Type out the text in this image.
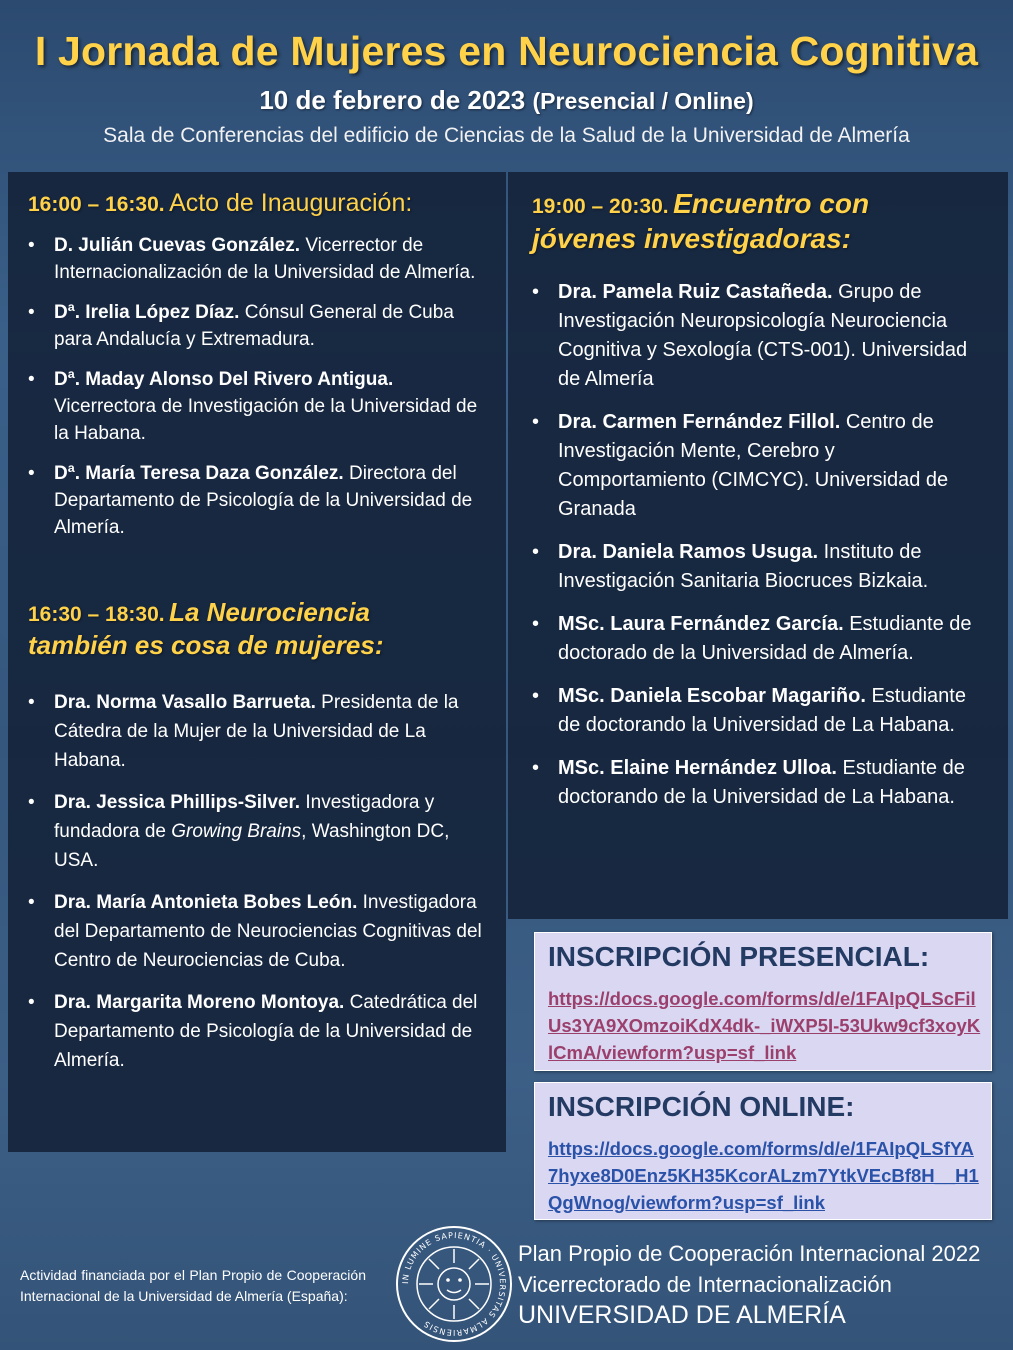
I Jornada de Mujeres en Neurociencia Cognitiva
10 de febrero de 2023 (Presencial / Online)
Sala de Conferencias del edificio de Ciencias de la Salud de la Universidad de Almería
16:00 – 16:30. Acto de Inauguración:
• D. Julián Cuevas González. Vicerrector de Internacionalización de la Universidad de Almería.
• Dª. Irelia López Díaz. Cónsul General de Cuba para Andalucía y Extremadura.
• Dª. Maday Alonso Del Rivero Antigua. Vicerrectora de Investigación de la Universidad de la Habana.
• Dª. María Teresa Daza González. Directora del Departamento de Psicología de la Universidad de Almería.
16:30 – 18:30. La Neurociencia
también es cosa de mujeres:
• Dra. Norma Vasallo Barrueta. Presidenta de la Cátedra de la Mujer de la Universidad de La Habana.
• Dra. Jessica Phillips-Silver. Investigadora y fundadora de Growing Brains, Washington DC, USA.
• Dra. María Antonieta Bobes León. Investigadora del Departamento de Neurociencias Cognitivas del Centro de Neurociencias de Cuba.
• Dra. Margarita Moreno Montoya. Catedrática del Departamento de Psicología de la Universidad de Almería.
19:00 – 20:30. Encuentro con
jóvenes investigadoras:
• Dra. Pamela Ruiz Castañeda. Grupo de Investigación Neuropsicología Neurociencia Cognitiva y Sexología (CTS-001). Universidad de Almería
• Dra. Carmen Fernández Fillol. Centro de Investigación Mente, Cerebro y Comportamiento (CIMCYC). Universidad de Granada
• Dra. Daniela Ramos Usuga. Instituto de Investigación Sanitaria Biocruces Bizkaia.
• MSc. Laura Fernández García. Estudiante de doctorado de la Universidad de Almería.
• MSc. Daniela Escobar Magariño. Estudiante de doctorando la Universidad de La Habana.
• MSc. Elaine Hernández Ulloa. Estudiante de doctorando de la Universidad de La Habana.
INSCRIPCIÓN PRESENCIAL:
https://docs.google.com/forms/d/e/1FAIpQLScFilUs3YA9XOmzoiKdX4dk-_iWXP5I-53Ukw9cf3xoyKlCmA/viewform?usp=sf_link
INSCRIPCIÓN ONLINE:
https://docs.google.com/forms/d/e/1FAIpQLSfYA7hyxe8D0Enz5KH35KcorALzm7YtkVEcBf8H__H1QgWnog/viewform?usp=sf_link
Actividad financiada por el Plan Propio de Cooperación Internacional de la Universidad de Almería (España):
IN LUMINE SAPIENTIA · UNIVERSITAS ALMARIENSIS
Plan Propio de Cooperación Internacional 2022
Vicerrectorado de Internacionalización
UNIVERSIDAD DE ALMERÍA
